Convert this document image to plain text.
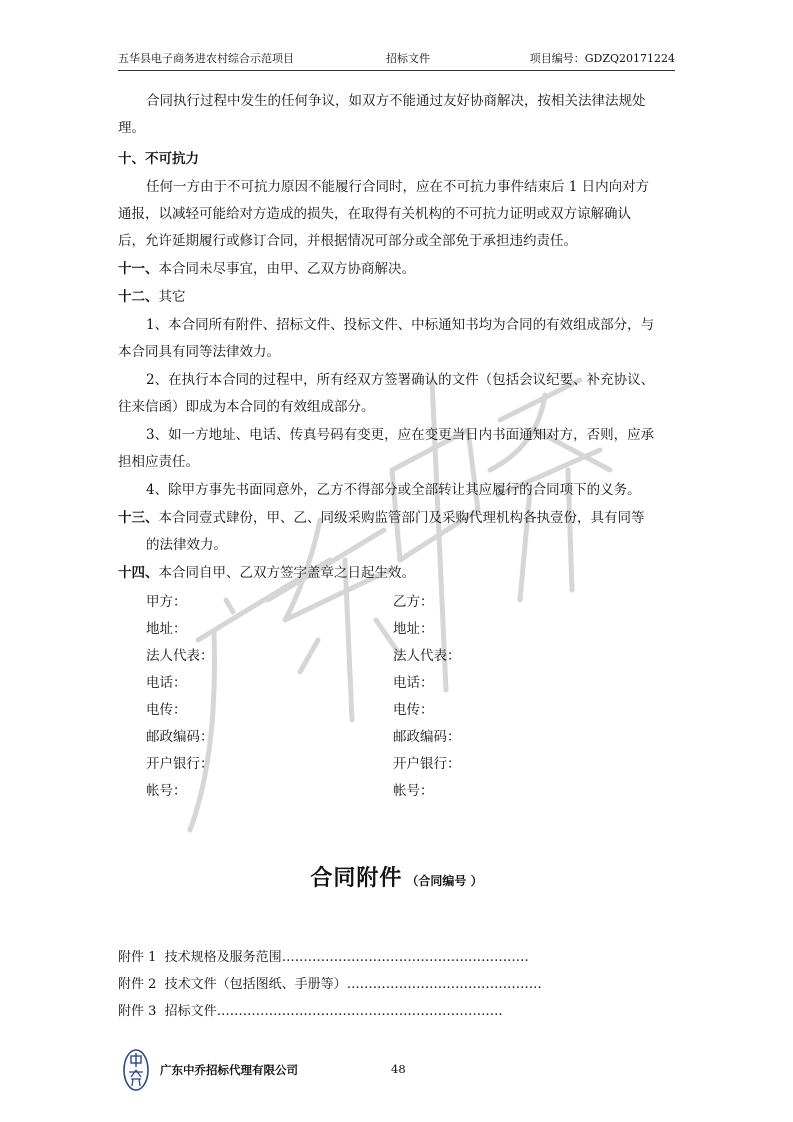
五华县电子商务进农村综合示范项目	招标文件	项目编号：GDZQ20171224
合同执行过程中发生的任何争议，如双方不能通过友好协商解决，按相关法律法规处
理。
十、不可抗力
任何一方由于不可抗力原因不能履行合同时，应在不可抗力事件结束后 1 日内向对方
通报，以减轻可能给对方造成的损失，在取得有关机构的不可抗力证明或双方谅解确认
后，允许延期履行或修订合同，并根据情况可部分或全部免于承担违约责任。
十一、本合同未尽事宜，由甲、乙双方协商解决。
十二、其它
1、本合同所有附件、招标文件、投标文件、中标通知书均为合同的有效组成部分，与
本合同具有同等法律效力。
2、在执行本合同的过程中，所有经双方签署确认的文件（包括会议纪要、补充协议、
往来信函）即成为本合同的有效组成部分。
3、如一方地址、电话、传真号码有变更，应在变更当日内书面通知对方，否则，应承
担相应责任。
4、除甲方事先书面同意外，乙方不得部分或全部转让其应履行的合同项下的义务。
十三、本合同壹式肆份，甲、乙、同级采购监管部门及采购代理机构各执壹份，具有同等
的法律效力。
十四、本合同自甲、乙双方签字盖章之日起生效。
甲方：	乙方：
地址：	地址：
法人代表：	法人代表：
电话：	电话：
电传：	电传：
邮政编码：	邮政编码：
开户银行：	开户银行：
帐号：	帐号：
合同附件 （合同编号 ）
附件 1 技术规格及服务范围…………………………………………………
附件 2 技术文件（包括图纸、手册等）………………………………………
附件 3 招标文件…………………………………………………………
广东中乔招标代理有限公司	48
